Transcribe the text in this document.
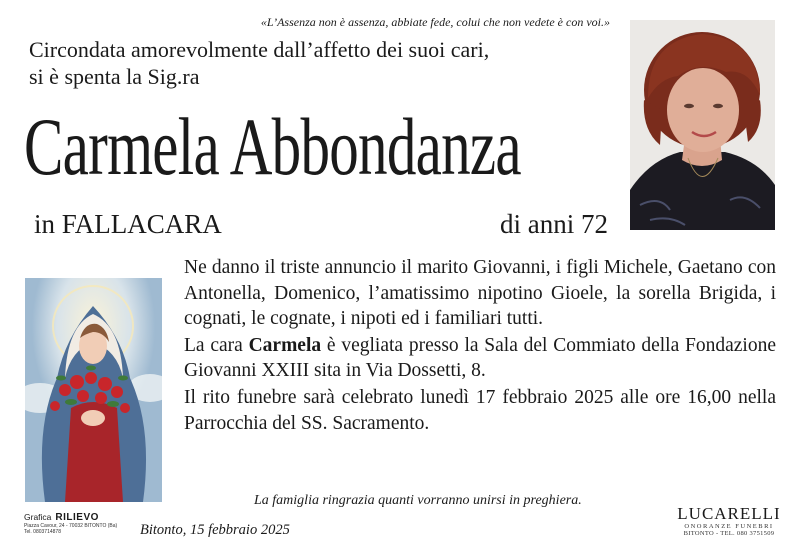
«L’Assenza non è assenza, abbiate fede, colui che non vedete è con voi.»
Circondata amorevolmente dall’affetto dei suoi cari,
si è spenta la Sig.ra
Carmela Abbondanza
in FALLACARA	di anni 72

Ne danno il triste annuncio il marito Giovanni, i figli Michele, Gaetano con Antonella, Domenico, l’amatissimo nipotino Gioele, la sorella Brigida, i cognati, le cognate, i nipoti ed i familiari tutti.

La cara Carmela è vegliata presso la Sala del Commiato della Fondazione Giovanni XXIII sita in Via Dossetti, 8.

Il rito funebre sarà celebrato lunedì 17 febbraio 2025 alle ore 16,00 nella Parrocchia del SS. Sacramento.

La famiglia ringrazia quanti vorranno unirsi in preghiera.
Bitonto, 15 febbraio 2025
Grafica RILIEVO
Piazza Cavour, 24 - 70032 BITONTO (Ba)
Tel. 0803714878
LUCARELLI
ONORANZE FUNEBRI
BITONTO - TEL. 080 3751509
